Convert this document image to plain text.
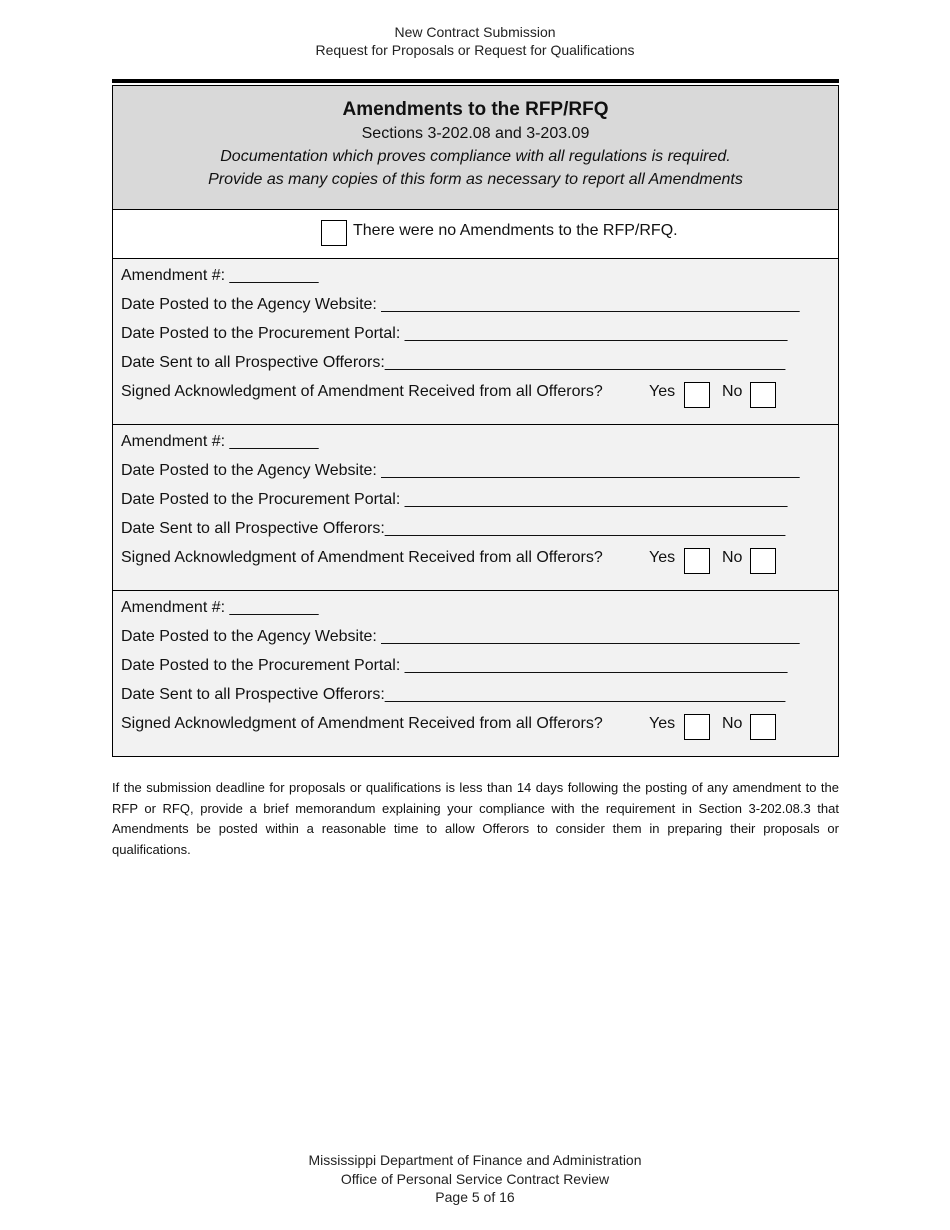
New Contract Submission
Request for Proposals or Request for Qualifications
Amendments to the RFP/RFQ
Sections 3-202.08 and 3-203.09
Documentation which proves compliance with all regulations is required.
Provide as many copies of this form as necessary to report all Amendments
There were no Amendments to the RFP/RFQ.
Amendment #: __________
Date Posted to the Agency Website: _______________________________________________
Date Posted to the Procurement Portal: ___________________________________________
Date Sent to all Prospective Offerors:_____________________________________________
Signed Acknowledgment of Amendment Received from all Offerors?	Yes	No
Amendment #: __________
Date Posted to the Agency Website: _______________________________________________
Date Posted to the Procurement Portal: ___________________________________________
Date Sent to all Prospective Offerors:_____________________________________________
Signed Acknowledgment of Amendment Received from all Offerors?	Yes	No
Amendment #: __________
Date Posted to the Agency Website: _______________________________________________
Date Posted to the Procurement Portal: ___________________________________________
Date Sent to all Prospective Offerors:_____________________________________________
Signed Acknowledgment of Amendment Received from all Offerors?	Yes	No
If the submission deadline for proposals or qualifications is less than 14 days following the posting of any amendment to the RFP or RFQ, provide a brief memorandum explaining your compliance with the requirement in Section 3-202.08.3 that Amendments be posted within a reasonable time to allow Offerors to consider them in preparing their proposals or qualifications.
Mississippi Department of Finance and Administration
Office of Personal Service Contract Review
Page 5 of 16
